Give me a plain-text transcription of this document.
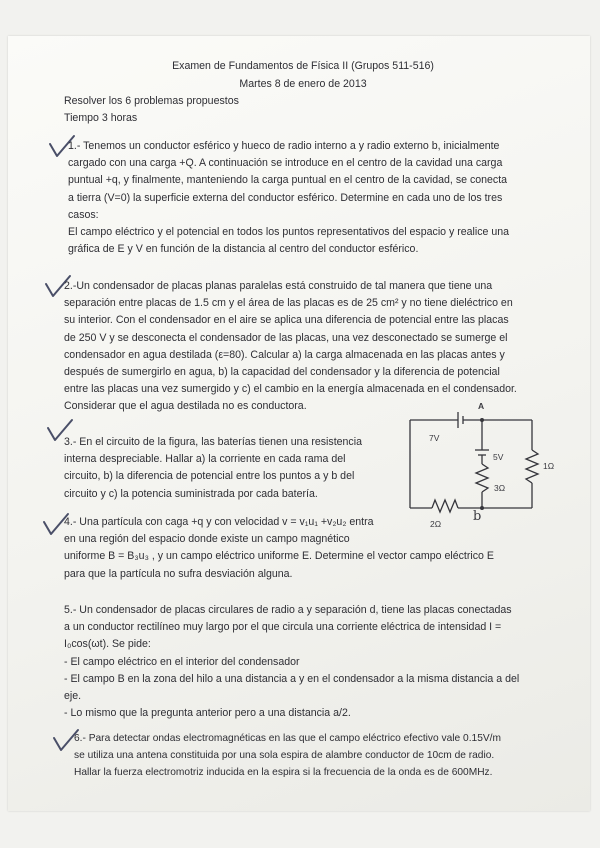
Examen de Fundamentos de Física II (Grupos 511-516)
Martes 8 de enero de 2013
Resolver los 6 problemas propuestos
Tiempo 3 horas
1.- Tenemos un conductor esférico y hueco de radio interno a y radio externo b, inicialmente
cargado con una carga +Q. A continuación se introduce en el centro de la cavidad una carga
puntual +q, y finalmente, manteniendo la carga puntual en el centro de la cavidad, se conecta
a tierra (V=0) la superficie externa del conductor esférico. Determine en cada uno de los tres
casos:
El campo eléctrico y el potencial en todos los puntos representativos del espacio y realice una
gráfica de E y V en función de la distancia al centro del conductor esférico.
2.-Un condensador de placas planas paralelas está construido de tal manera que tiene una
separación entre placas de 1.5 cm y el área de las placas es de 25 cm² y no tiene dieléctrico en
su interior. Con el condensador en el aire se aplica una diferencia de potencial entre las placas
de 250 V y se desconecta el condensador de las placas, una vez desconectado se sumerge el
condensador en agua destilada (ε=80). Calcular a) la carga almacenada en las placas antes y
después de sumergirlo en agua, b) la capacidad del condensador y la diferencia de potencial
entre las placas una vez sumergido y c) el cambio en la energía almacenada en el condensador.
Considerar que el agua destilada no es conductora.
3.- En el circuito de la figura, las baterías tienen una resistencia
interna despreciable. Hallar a) la corriente en cada rama del
circuito, b) la diferencia de potencial entre los puntos a y b del
circuito y c) la potencia suministrada por cada batería.
A
7V
5V
1Ω
3Ω
2Ω b
4.- Una partícula con caga +q y con velocidad v = v₁u₁ +v₂u₂ entra
en una región del espacio donde existe un campo magnético
uniforme B = B₃u₃ , y un campo eléctrico uniforme E. Determine el vector campo eléctrico E
para que la partícula no sufra desviación alguna.
5.- Un condensador de placas circulares de radio a y separación d, tiene las placas conectadas
a un conductor rectilíneo muy largo por el que circula una corriente eléctrica de intensidad I =
I₀cos(ωt). Se pide:
- El campo eléctrico en el interior del condensador
- El campo B en la zona del hilo a una distancia a y en el condensador a la misma distancia a del
eje.
- Lo mismo que la pregunta anterior pero a una distancia a/2.
6.- Para detectar ondas electromagnéticas en las que el campo eléctrico efectivo vale 0.15V/m
se utiliza una antena constituida por una sola espira de alambre conductor de 10cm de radio.
Hallar la fuerza electromotriz inducida en la espira si la frecuencia de la onda es de 600MHz.
